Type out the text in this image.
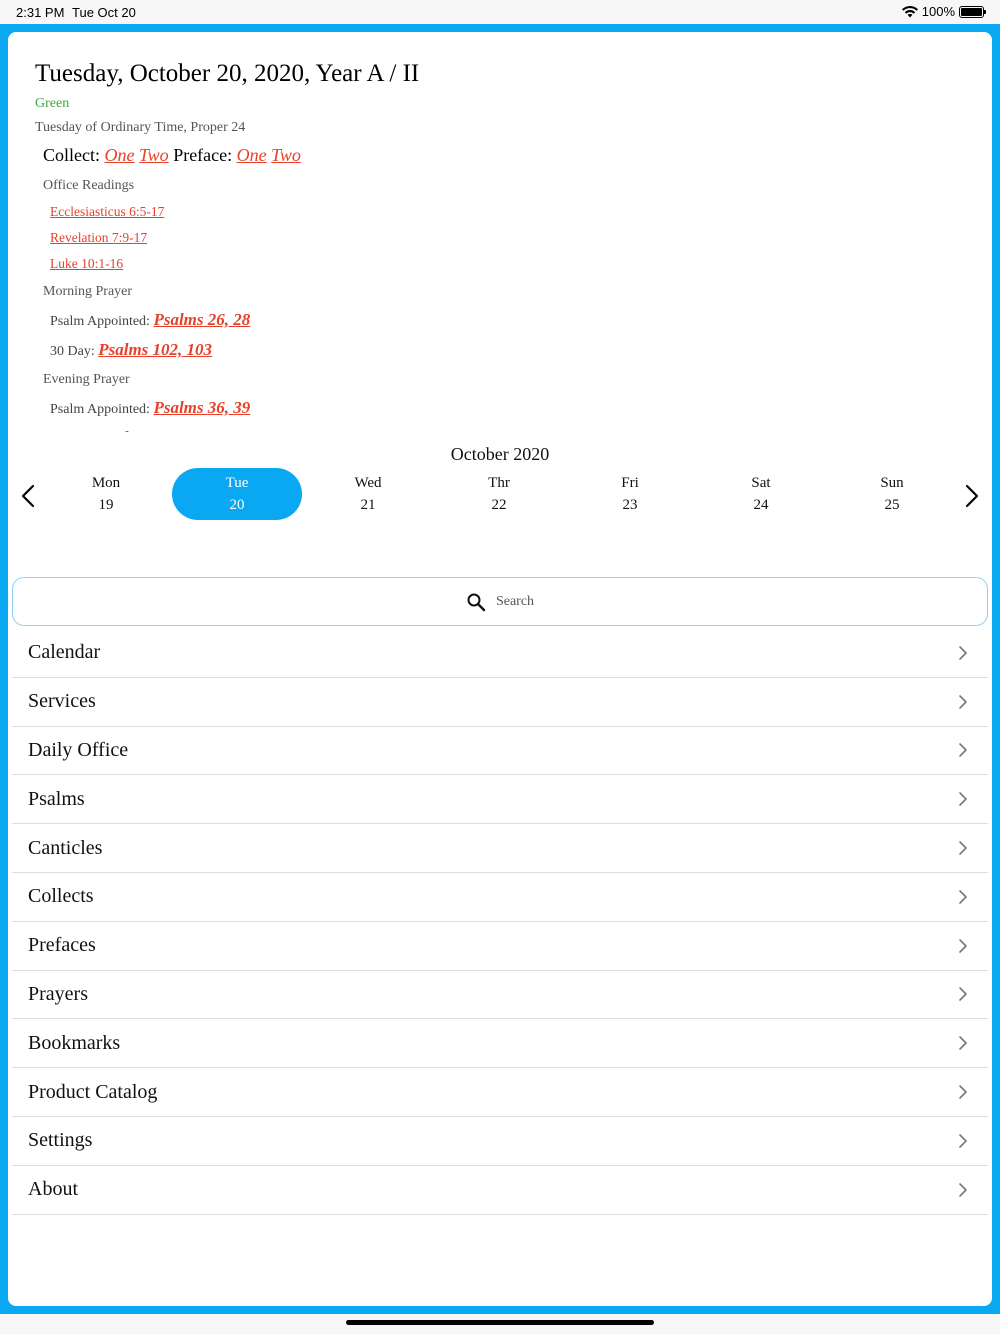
2:31 PM Tue Oct 20	100%
Tuesday, October 20, 2020, Year A / II
Green
Tuesday of Ordinary Time, Proper 24
Collect: One Two Preface: One Two
Office Readings
Ecclesiasticus 6:5-17
Revelation 7:9-17
Luke 10:1-16
Morning Prayer
Psalm Appointed: Psalms 26, 28
30 Day: Psalms 102, 103
Evening Prayer
Psalm Appointed: Psalms 36, 39
October 2020
Mon
19
Tue
20
Wed
21
Thr
22
Fri
23
Sat
24
Sun
25
Search
Calendar
Services
Daily Office
Psalms
Canticles
Collects
Prefaces
Prayers
Bookmarks
Product Catalog
Settings
About
